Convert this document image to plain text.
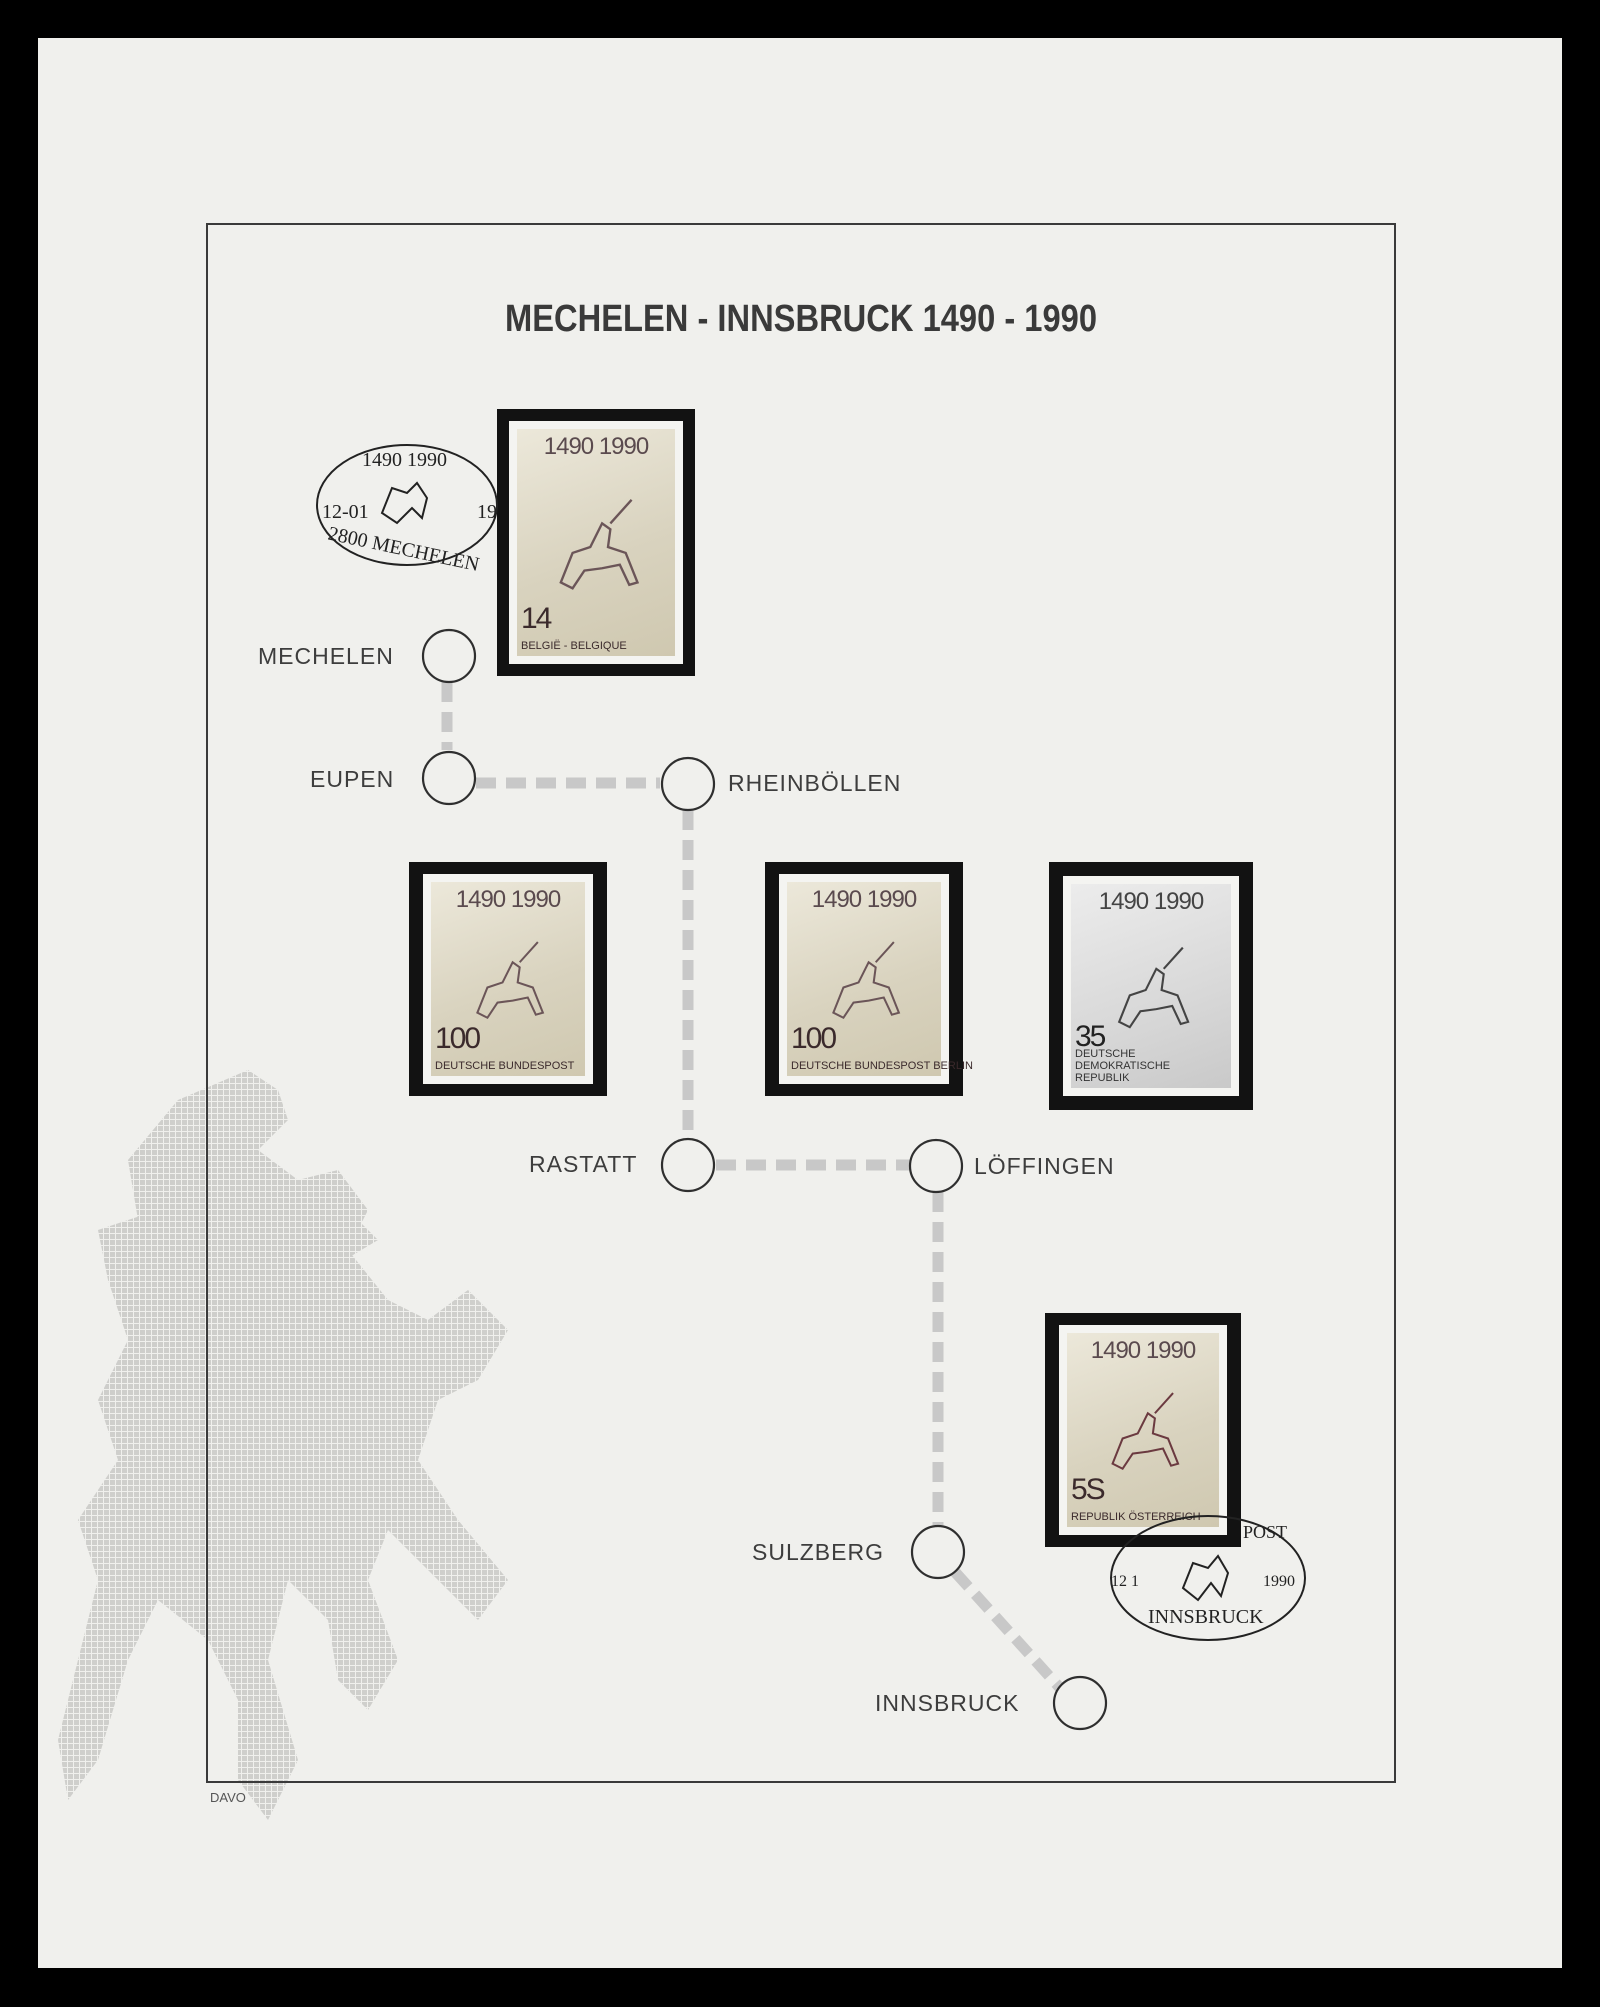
MECHELEN - INNSBRUCK 1490 - 1990
MECHELEN
EUPEN	RHEINBÖLLEN
RASTATT	LÖFFINGEN
SULZBERG
INNSBRUCK
1490 1990
14
BELGIË - BELGIQUE
1490 1990
12-01	19
2800 MECHELEN
1490 1990
100
DEUTSCHE BUNDESPOST
1490 1990
100
DEUTSCHE BUNDESPOST BERLIN
1490 1990
35
DEUTSCHE DEMOKRATISCHE REPUBLIK
1490 1990
5S
REPUBLIK ÖSTERREICH
POST
12 1	1990
INNSBRUCK
DAVO
